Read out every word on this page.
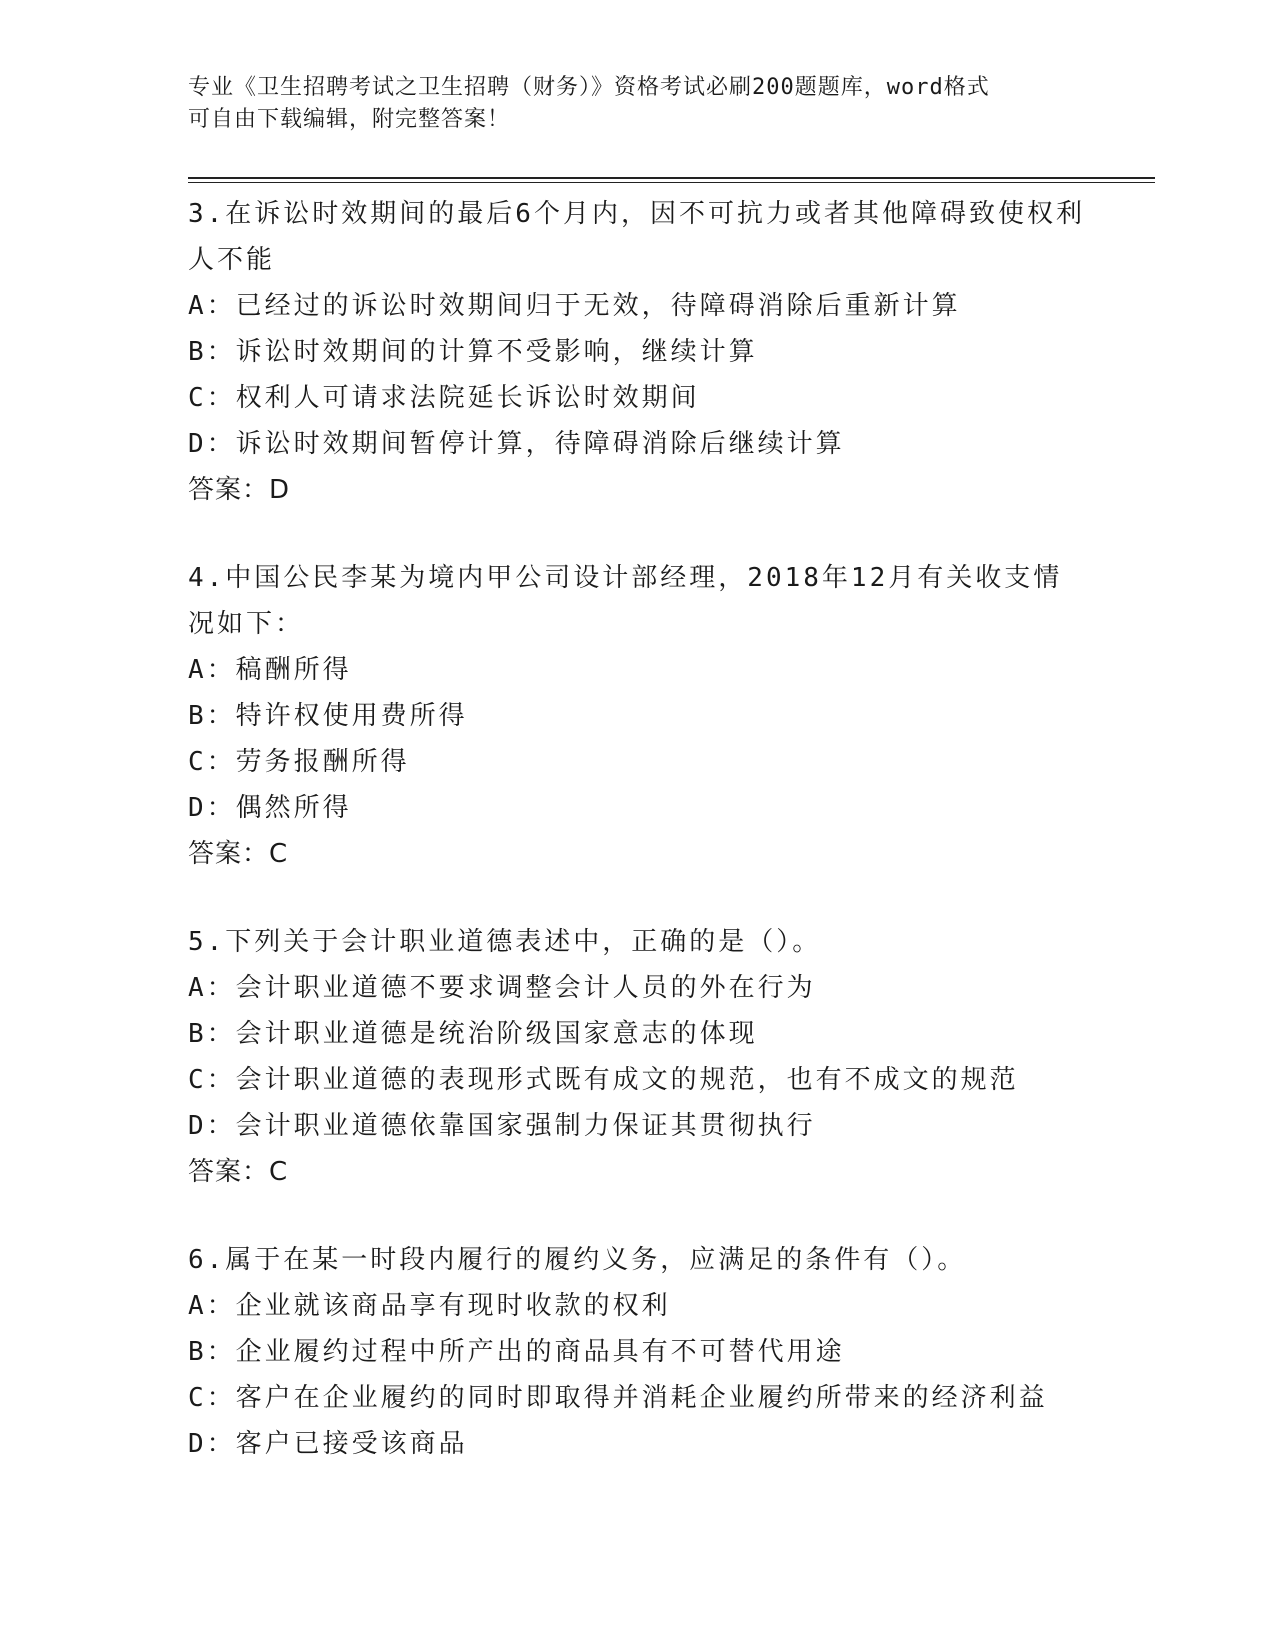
专业《卫生招聘考试之卫生招聘（财务）》资格考试必刷200题题库，word格式
可自由下载编辑，附完整答案！
3.在诉讼时效期间的最后6个月内，因不可抗力或者其他障碍致使权利人不能
A：已经过的诉讼时效期间归于无效，待障碍消除后重新计算
B：诉讼时效期间的计算不受影响，继续计算
C：权利人可请求法院延长诉讼时效期间
D：诉讼时效期间暂停计算，待障碍消除后继续计算
答案：D
4.中国公民李某为境内甲公司设计部经理，2018年12月有关收支情况如下：
A：稿酬所得
B：特许权使用费所得
C：劳务报酬所得
D：偶然所得
答案：C
5.下列关于会计职业道德表述中，正确的是（）。
A：会计职业道德不要求调整会计人员的外在行为
B：会计职业道德是统治阶级国家意志的体现
C：会计职业道德的表现形式既有成文的规范，也有不成文的规范
D：会计职业道德依靠国家强制力保证其贯彻执行
答案：C
6.属于在某一时段内履行的履约义务，应满足的条件有（）。
A：企业就该商品享有现时收款的权利
B：企业履约过程中所产出的商品具有不可替代用途
C：客户在企业履约的同时即取得并消耗企业履约所带来的经济利益
D：客户已接受该商品
